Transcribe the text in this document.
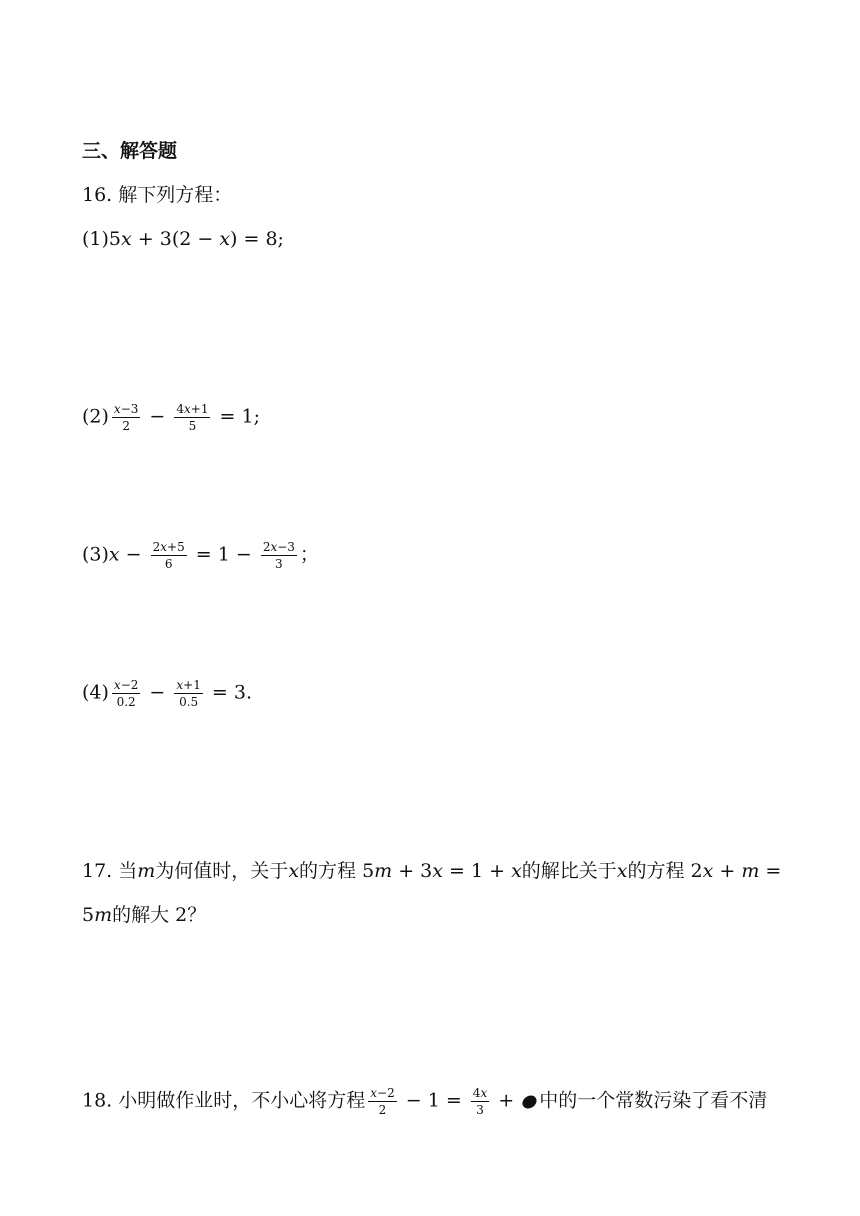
三、解答题
16. 解下列方程：
(1)5𝑥 + 3(2 − 𝑥) = 8;
$(2) \frac{\text{𝑥−3}}{2} - \frac{\text{4𝑥+1}}{5} = 1$;
(3)𝑥 − $\frac{\text{2𝑥+5}}{6} = 1 - \frac{\text{2𝑥−3}}{3}$ ；
$(4) \frac{\text{𝑥−2}}{0.2} - \frac{\text{𝑥+1}}{0.5} = 3$.
17. 当𝑚为何值时，关于𝑥的方程 5𝑚 + 3𝑥 = 1 + 𝑥的解比关于𝑥的方程 2𝑥 + 𝑚 =
5𝑚的解大 2？
18. 小明做作业时，不小心将方程 $\frac{\text{𝑥−2}}{2} - 1 = \frac{\text{4𝑥}}{3}$ + 中的一个常数污染了看不清
